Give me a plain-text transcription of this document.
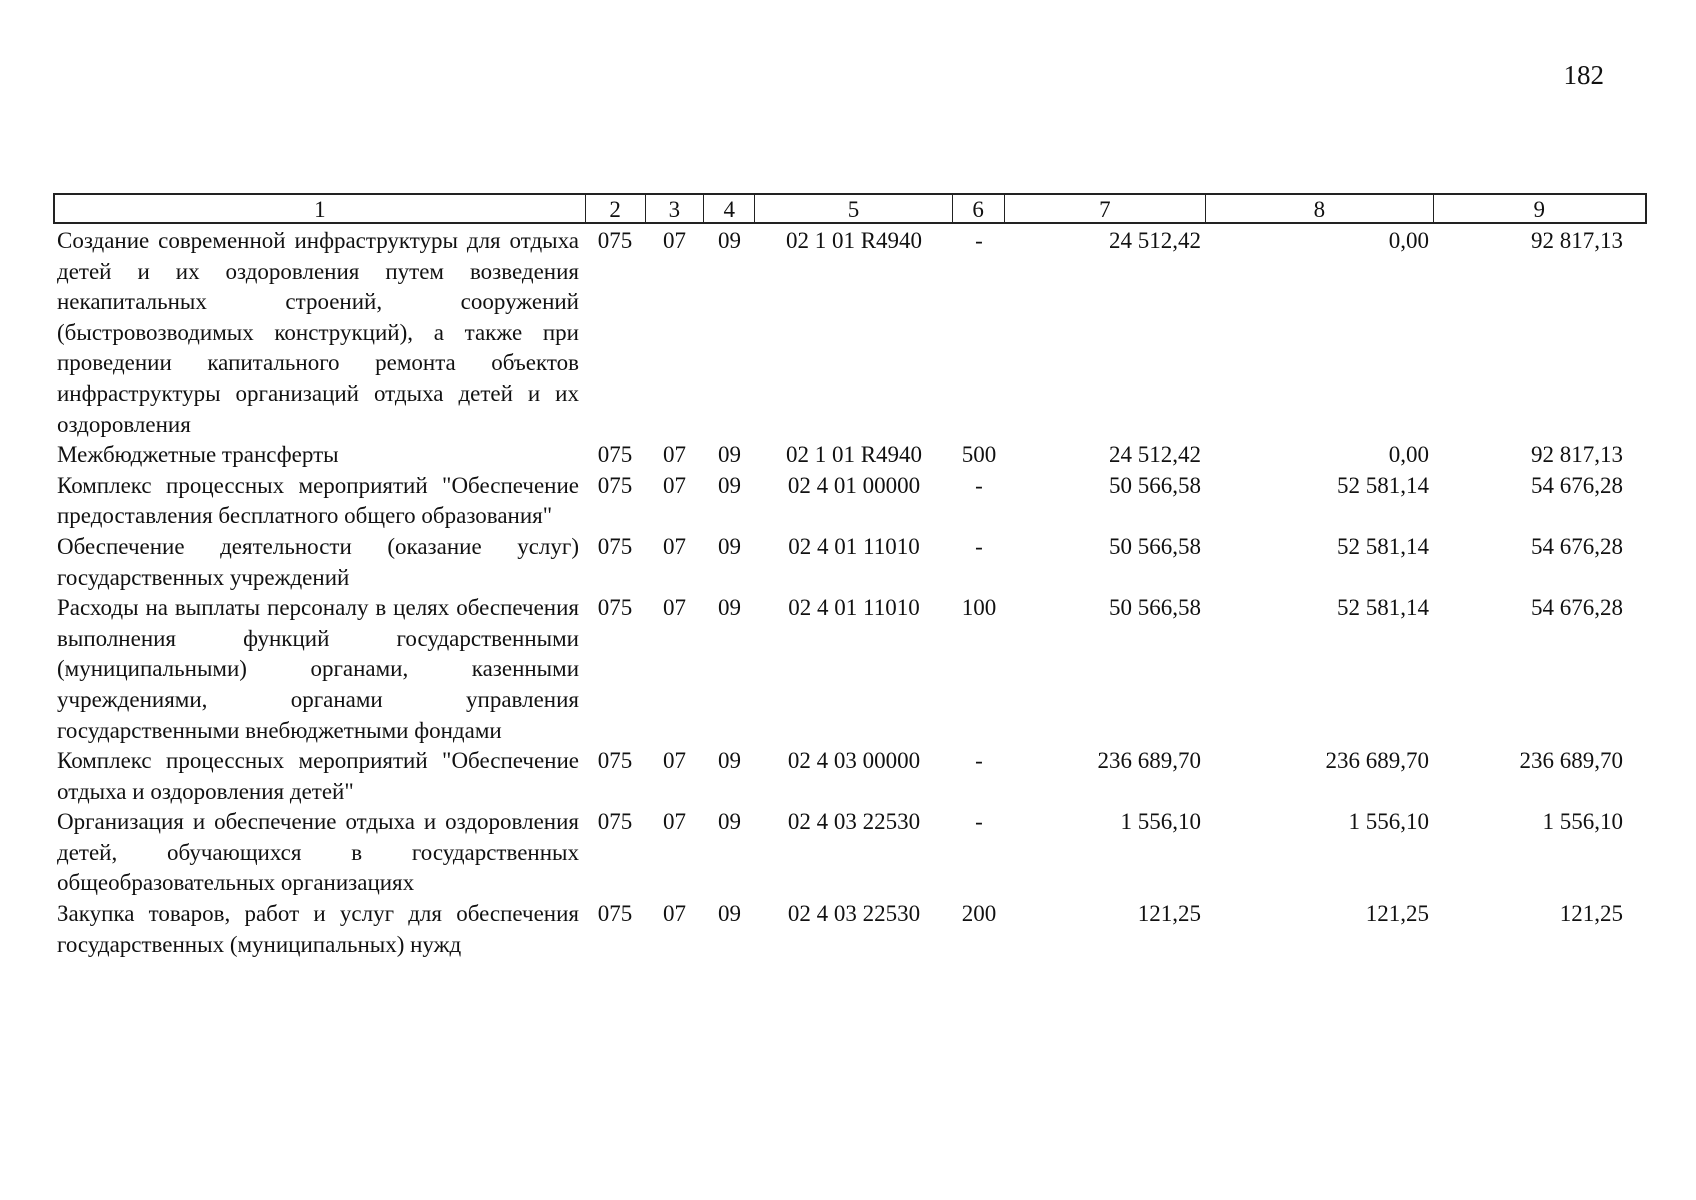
182
1	2	3	4	5	6	7	8	9
Создание современной инфраструктуры для отдыха детей и их оздоровления путем возведения некапитальных строений, сооружений (быстровозводимых конструкций), а также при проведении капитального ремонта объектов инфраструктуры организаций отдыха детей и их оздоровления	075	07	09	02 1 01 R4940	-	24 512,42	0,00	92 817,13
Межбюджетные трансферты	075	07	09	02 1 01 R4940	500	24 512,42	0,00	92 817,13
Комплекс процессных мероприятий "Обеспечение предоставления бесплатного общего образования"	075	07	09	02 4 01 00000	-	50 566,58	52 581,14	54 676,28
Обеспечение деятельности (оказание услуг) государственных учреждений	075	07	09	02 4 01 11010	-	50 566,58	52 581,14	54 676,28
Расходы на выплаты персоналу в целях обеспечения выполнения функций государственными (муниципальными) органами, казенными учреждениями, органами управления государственными внебюджетными фондами	075	07	09	02 4 01 11010	100	50 566,58	52 581,14	54 676,28
Комплекс процессных мероприятий "Обеспечение отдыха и оздоровления детей"	075	07	09	02 4 03 00000	-	236 689,70	236 689,70	236 689,70
Организация и обеспечение отдыха и оздоровления детей, обучающихся в государственных общеобразовательных организациях	075	07	09	02 4 03 22530	-	1 556,10	1 556,10	1 556,10
Закупка товаров, работ и услуг для обеспечения государственных (муниципальных) нужд	075	07	09	02 4 03 22530	200	121,25	121,25	121,25
